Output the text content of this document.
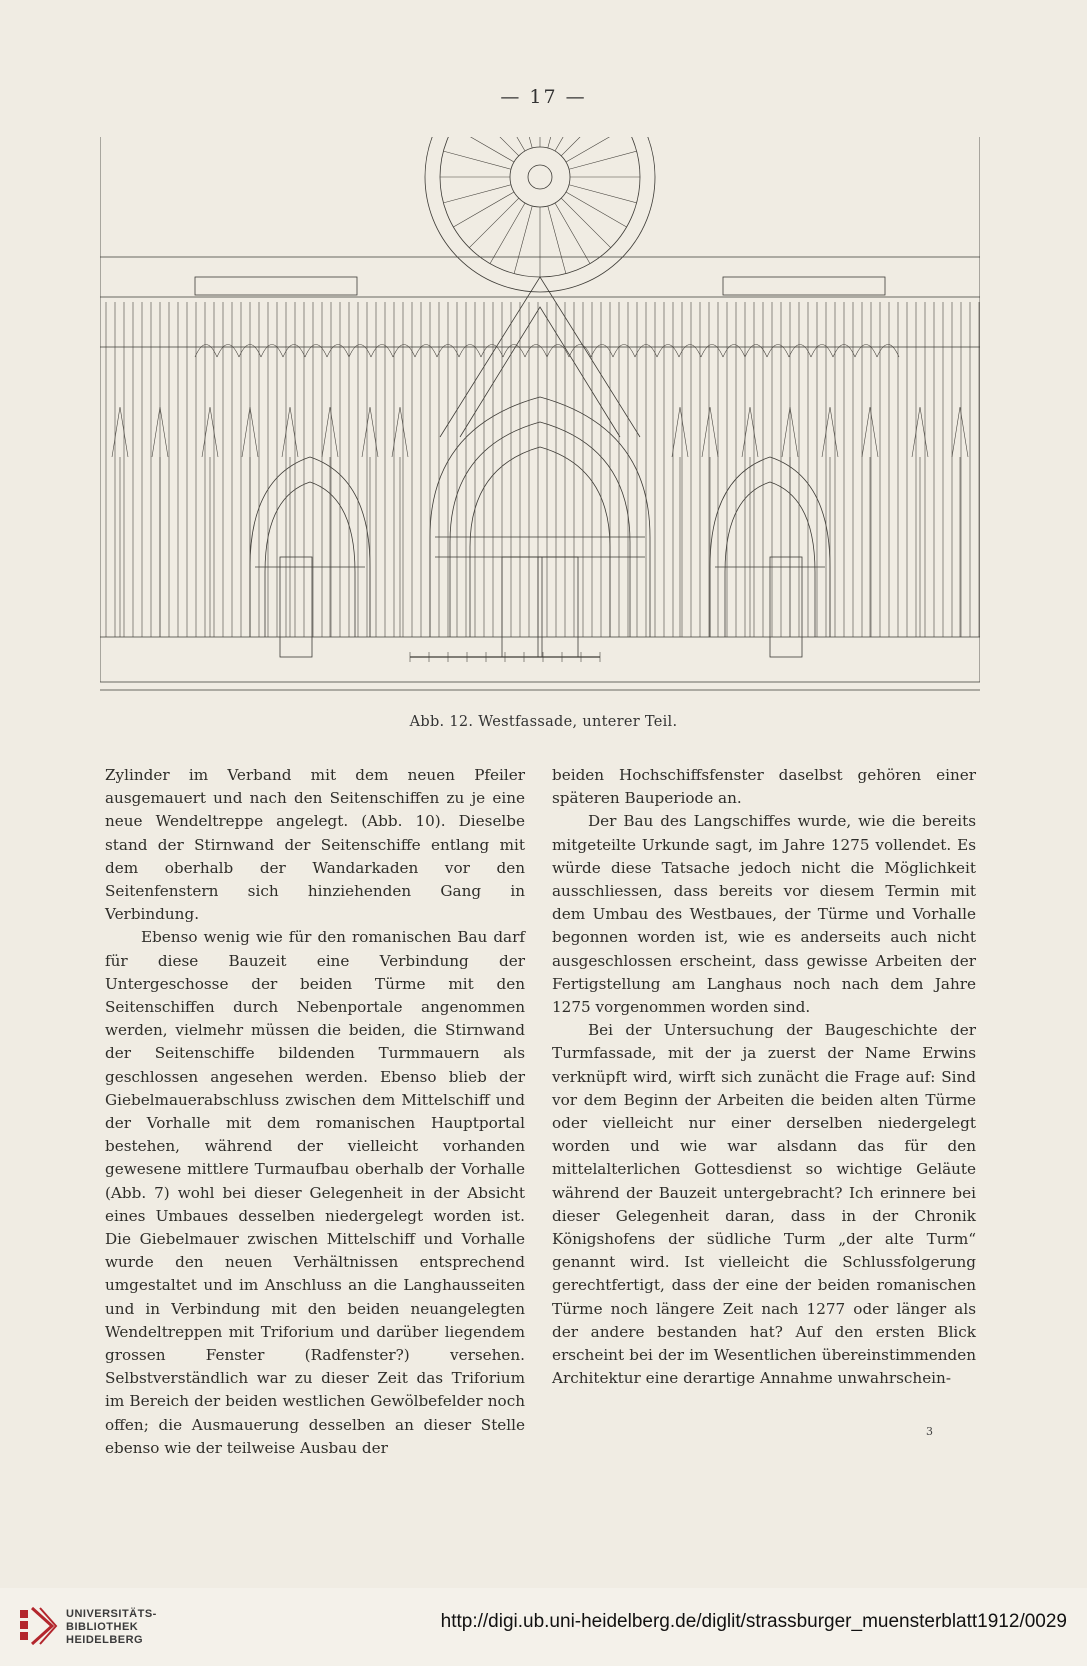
— 17 —
Abb. 12. Westfassade, unterer Teil.

Zylinder im Verband mit dem neuen Pfeiler ausgemauert und nach den Seitenschiffen zu je eine neue Wendeltreppe angelegt. (Abb. 10). Dieselbe stand der Stirnwand der Seitenschiffe entlang mit dem oberhalb der Wandarkaden vor den Seitenfenstern sich hinziehenden Gang in Verbindung.

Ebenso wenig wie für den romanischen Bau darf für diese Bauzeit eine Verbindung der Untergeschosse der beiden Türme mit den Seitenschiffen durch Nebenportale angenommen werden, vielmehr müssen die beiden, die Stirnwand der Seitenschiffe bildenden Turmmauern als geschlossen angesehen werden. Ebenso blieb der Giebelmauerabschluss zwischen dem Mittelschiff und der Vorhalle mit dem romanischen Hauptportal bestehen, während der vielleicht vorhanden gewesene mittlere Turmaufbau oberhalb der Vorhalle (Abb. 7) wohl bei dieser Gelegenheit in der Absicht eines Umbaues desselben niedergelegt worden ist. Die Giebelmauer zwischen Mittelschiff und Vorhalle wurde den neuen Verhältnissen entsprechend umgestaltet und im Anschluss an die Langhausseiten und in Verbindung mit den beiden neuangelegten Wendeltreppen mit Triforium und darüber liegendem grossen Fenster (Radfenster?) versehen. Selbstverständlich war zu dieser Zeit das Triforium im Bereich der beiden westlichen Gewölbefelder noch offen; die Ausmauerung desselben an dieser Stelle ebenso wie der teilweise Ausbau der

beiden Hochschiffsfenster daselbst gehören einer späteren Bauperiode an.

Der Bau des Langschiffes wurde, wie die bereits mitgeteilte Urkunde sagt, im Jahre 1275 vollendet. Es würde diese Tatsache jedoch nicht die Möglichkeit ausschliessen, dass bereits vor diesem Termin mit dem Umbau des Westbaues, der Türme und Vorhalle begonnen worden ist, wie es anderseits auch nicht ausgeschlossen erscheint, dass gewisse Arbeiten der Fertigstellung am Langhaus noch nach dem Jahre 1275 vorgenommen worden sind.

Bei der Untersuchung der Baugeschichte der Turmfassade, mit der ja zuerst der Name Erwins verknüpft wird, wirft sich zunächt die Frage auf: Sind vor dem Beginn der Arbeiten die beiden alten Türme oder vielleicht nur einer derselben niedergelegt worden und wie war alsdann das für den mittelalterlichen Gottesdienst so wichtige Geläute während der Bauzeit untergebracht? Ich erinnere bei dieser Gelegenheit daran, dass in der Chronik Königshofens der südliche Turm „der alte Turm“ genannt wird. Ist vielleicht die Schlussfolgerung gerechtfertigt, dass der eine der beiden romanischen Türme noch längere Zeit nach 1277 oder länger als der andere bestanden hat? Auf den ersten Blick erscheint bei der im Wesentlichen übereinstimmenden Architektur eine derartige Annahme unwahrschein-

3
UNIVERSITÄTS-
BIBLIOTHEK
HEIDELBERG
http://digi.ub.uni-heidelberg.de/diglit/strassburger_muensterblatt1912/0029
